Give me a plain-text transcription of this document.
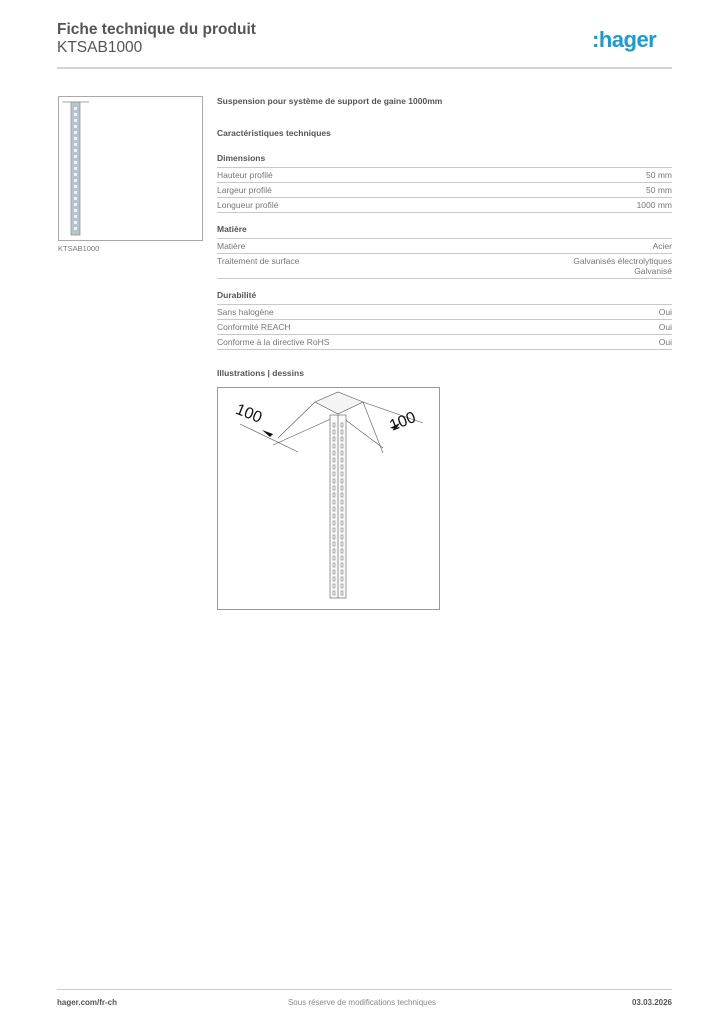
Fiche technique du produit
KTSAB1000	:hager
KTSAB1000
Suspension pour système de support de gaine 1000mm
Caractéristiques techniques
Dimensions
Hauteur profilé	50 mm
Largeur profilé	50 mm
Longueur profilé	1000 mm
Matière
Matière	Acier
Traitement de surface	Galvanisés électrolytiques
Galvanisé
Durabilité
Sans halogène	Oui
Conformité REACH	Oui
Conforme à la directive RoHS	Oui
Illustrations | dessins
100	100
hager.com/fr-ch	Sous réserve de modifications techniques	03.03.2026
